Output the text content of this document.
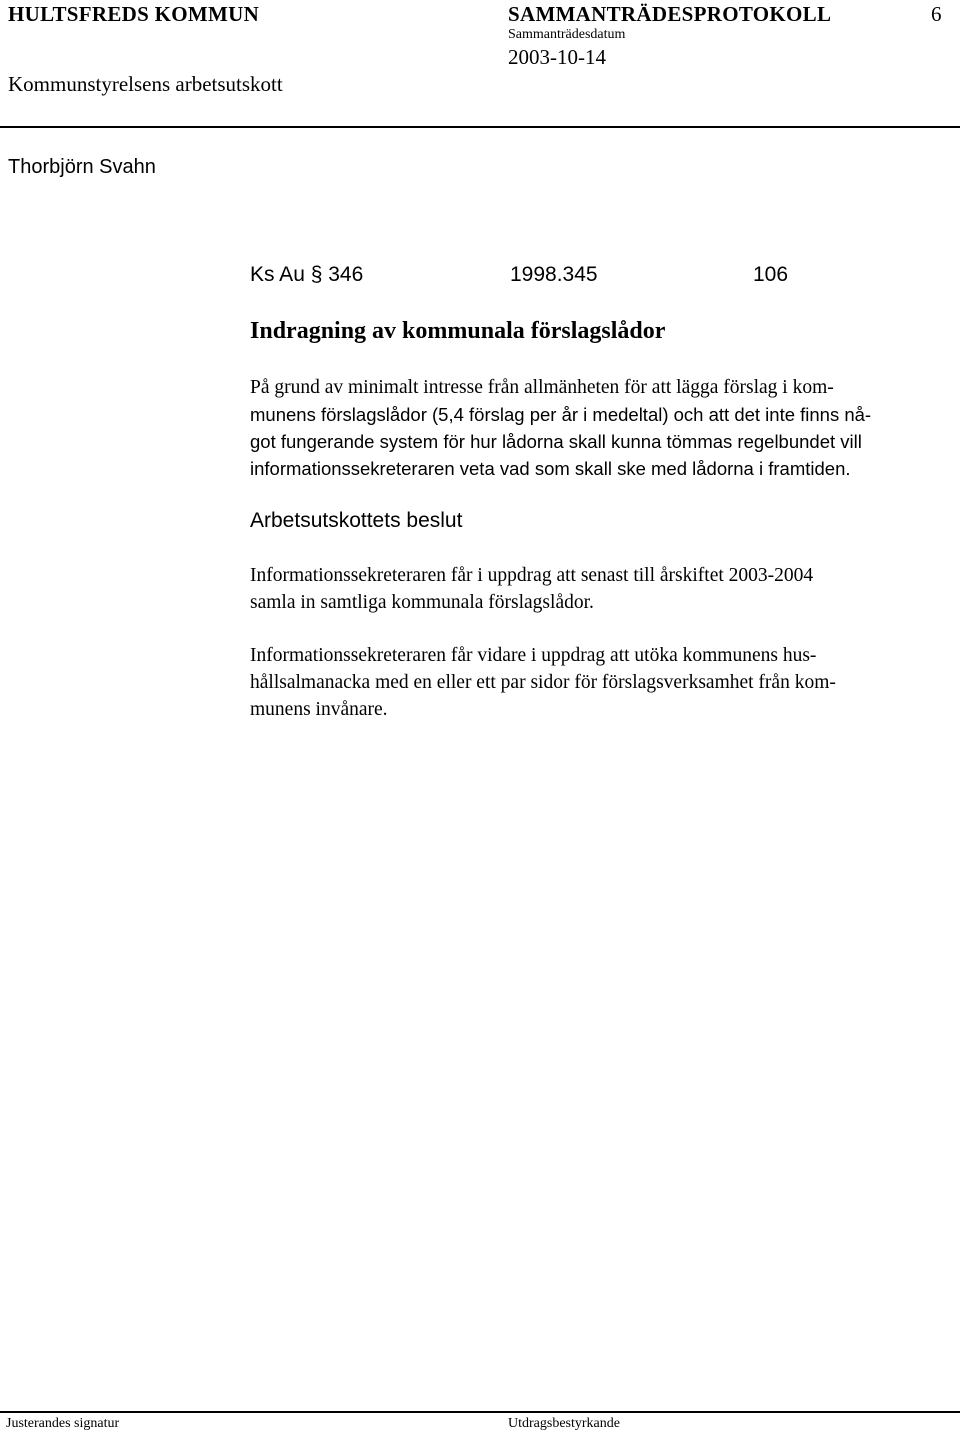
HULTSFREDS KOMMUN	SAMMANTRÄDESPROTOKOLL	6
Sammanträdesdatum
2003-10-14
Kommunstyrelsens arbetsutskott
Thorbjörn Svahn
Ks Au § 346	1998.345	106
Indragning av kommunala förslagslådor
På grund av minimalt intresse från allmänheten för att lägga förslag i kom-
munens förslagslådor (5,4 förslag per år i medeltal) och att det inte finns nå-
got fungerande system för hur lådorna skall kunna tömmas regelbundet vill
informationssekreteraren veta vad som skall ske med lådorna i framtiden.
Arbetsutskottets beslut
Informationssekreteraren får i uppdrag att senast till årskiftet 2003-2004
samla in samtliga kommunala förslagslådor.
Informationssekreteraren får vidare i uppdrag att utöka kommunens hus-
hållsalmanacka med en eller ett par sidor för förslagsverksamhet från kom-
munens invånare.
Justerandes signatur	Utdragsbestyrkande
